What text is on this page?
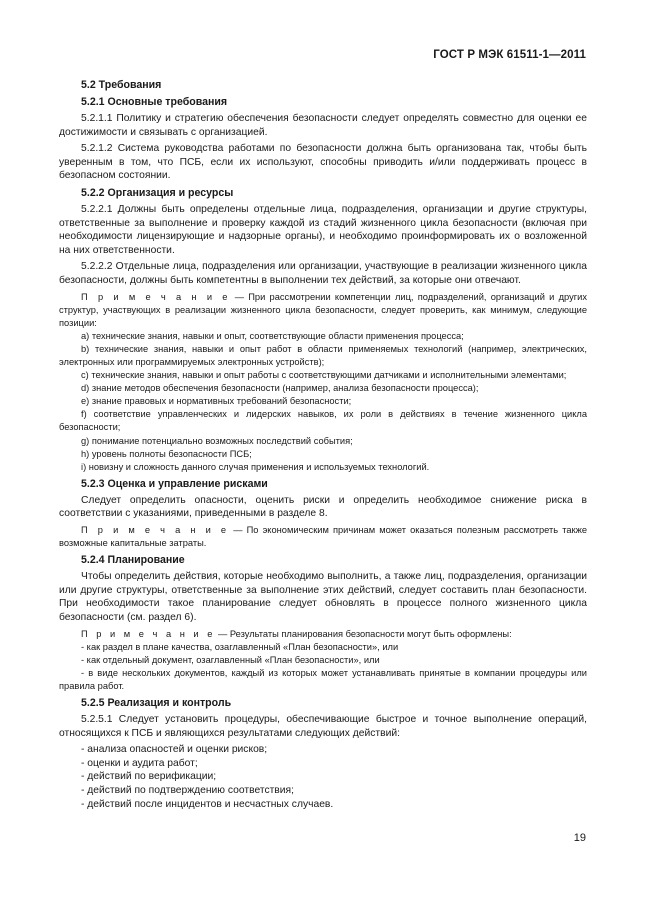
ГОСТ Р МЭК 61511-1—2011
5.2 Требования
5.2.1 Основные требования
5.2.1.1 Политику и стратегию обеспечения безопасности следует определять совместно для оценки ее достижимости и связывать с организацией.
5.2.1.2 Система руководства работами по безопасности должна быть организована так, чтобы быть уверенным в том, что ПСБ, если их используют, способны приводить и/или поддерживать процесс в безопасном состоянии.
5.2.2 Организация и ресурсы
5.2.2.1 Должны быть определены отдельные лица, подразделения, организации и другие структуры, ответственные за выполнение и проверку каждой из стадий жизненного цикла безопасности (включая при необходимости лицензирующие и надзорные органы), и необходимо проинформировать их о возложенной на них ответственности.
5.2.2.2 Отдельные лица, подразделения или организации, участвующие в реализации жизненного цикла безопасности, должны быть компетентны в выполнении тех действий, за которые они отвечают.
П р и м е ч а н и е — При рассмотрении компетенции лиц, подразделений, организаций и других структур, участвующих в реализации жизненного цикла безопасности, следует проверить, как минимум, следующие позиции:
a) технические знания, навыки и опыт, соответствующие области применения процесса;
b) технические знания, навыки и опыт работ в области применяемых технологий (например, электрических, электронных или программируемых электронных устройств);
c) технические знания, навыки и опыт работы с соответствующими датчиками и исполнительными элементами;
d) знание методов обеспечения безопасности (например, анализа безопасности процесса);
e) знание правовых и нормативных требований безопасности;
f) соответствие управленческих и лидерских навыков, их роли в действиях в течение жизненного цикла безопасности;
g) понимание потенциально возможных последствий события;
h) уровень полноты безопасности ПСБ;
i) новизну и сложность данного случая применения и используемых технологий.
5.2.3 Оценка и управление рисками
Следует определить опасности, оценить риски и определить необходимое снижение риска в соответствии с указаниями, приведенными в разделе 8.
П р и м е ч а н и е — По экономическим причинам может оказаться полезным рассмотреть также возможные капитальные затраты.
5.2.4 Планирование
Чтобы определить действия, которые необходимо выполнить, а также лиц, подразделения, организации или другие структуры, ответственные за выполнение этих действий, следует составить план безопасности. При необходимости такое планирование следует обновлять в процессе полного жизненного цикла безопасности (см. раздел 6).
П р и м е ч а н и е — Результаты планирования безопасности могут быть оформлены:
- как раздел в плане качества, озаглавленный «План безопасности», или
- как отдельный документ, озаглавленный «План безопасности», или
- в виде нескольких документов, каждый из которых может устанавливать принятые в компании процедуры или правила работ.
5.2.5 Реализация и контроль
5.2.5.1 Следует установить процедуры, обеспечивающие быстрое и точное выполнение операций, относящихся к ПСБ и являющихся результатами следующих действий:
- анализа опасностей и оценки рисков;
- оценки и аудита работ;
- действий по верификации;
- действий по подтверждению соответствия;
- действий после инцидентов и несчастных случаев.
19
